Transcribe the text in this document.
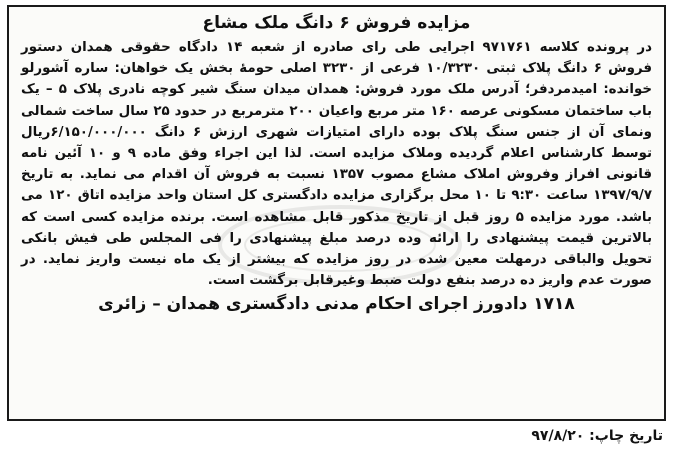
مزایده فروش ۶ دانگ ملک مشاع

در پرونده کلاسه ۹۷۱۷۶۱ اجرایی طی رای صادره از شعبه ۱۴ دادگاه حقوقی همدان دستور فروش ۶ دانگ پلاک ثبتی ۱۰/۳۲۳۰ فرعی از ۳۲۳۰ اصلی حومهٔ بخش یک خواهان: ساره آشورلو خوانده: امیدمردفر؛ آدرس ملک مورد فروش: همدان میدان سنگ شیر کوچه نادری پلاک ۵ – یک باب ساختمان مسکونی عرصه ۱۶۰ متر مربع واعیان ۲۰۰ مترمربع در حدود ۲۵ سال ساخت شمالی ونمای آن از جنس سنگ پلاک بوده دارای امتیازات شهری ارزش ۶ دانگ ۶/۱۵۰/۰۰۰/۰۰۰ریال توسط کارشناس اعلام گردیده وملاک مزایده است. لذا این اجراء وفق ماده ۹ و ۱۰ آئین نامه قانونی افراز وفروش املاک مشاع مصوب ۱۳۵۷ نسبت به فروش آن اقدام می نماید. به تاریخ ۱۳۹۷/۹/۷ ساعت ۹:۳۰ تا ۱۰ محل برگزاری مزایده دادگستری کل استان واحد مزایده اتاق ۱۲۰ می باشد. مورد مزایده ۵ روز قبل از تاریخ مذکور قابل مشاهده است. برنده مزایده کسی است که بالاترین قیمت پیشنهادی را ارائه وده درصد مبلغ پیشنهادی را فی المجلس طی فیش بانکی تحویل والباقی درمهلت معین شده در روز مزایده که بیشتر از یک ماه نیست واریز نماید. در صورت عدم واریز ده درصد بنفع دولت ضبط وغیرقابل برگشت است.

۱۷۱۸ دادورز اجرای احکام مدنی دادگستری همدان – زائری
تاریخ چاپ: ۹۷/۸/۲۰
